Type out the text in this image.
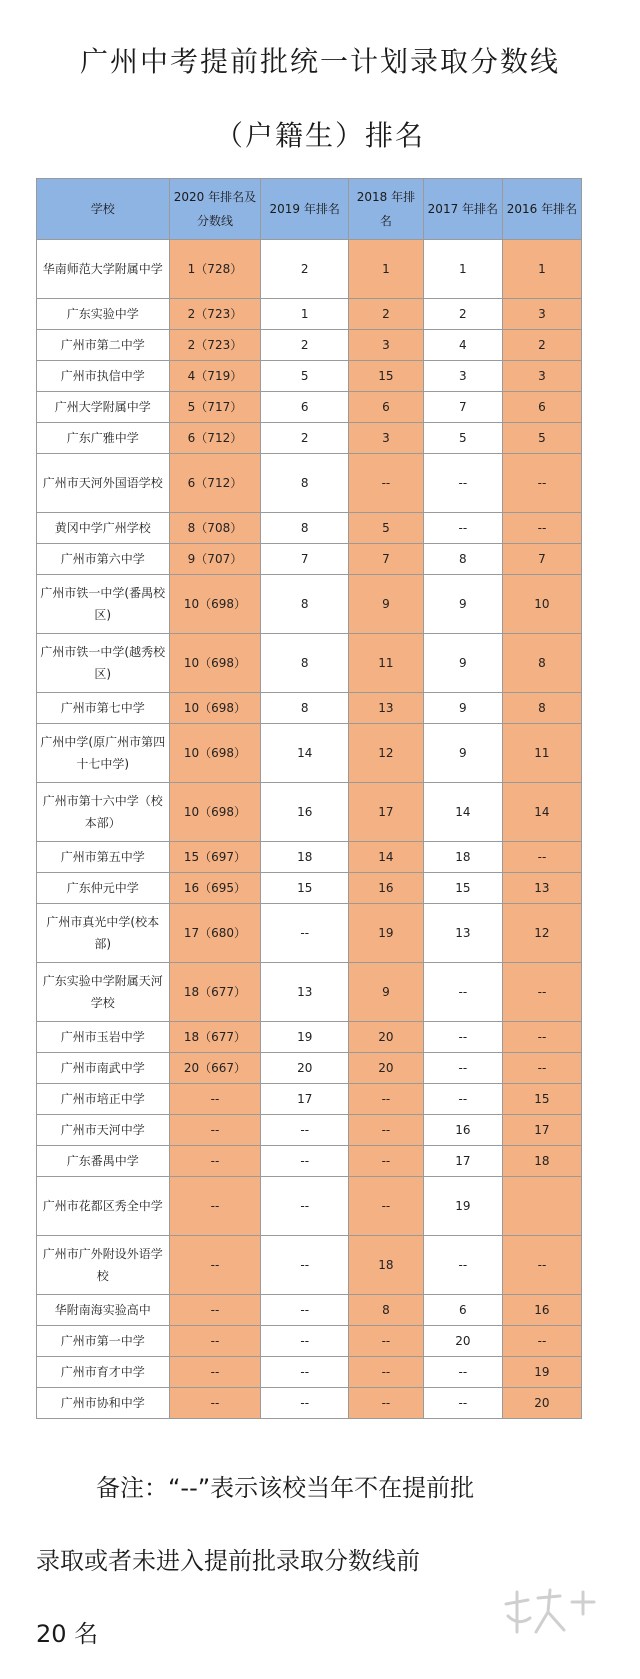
广州中考提前批统一计划录取分数线
（户籍生）排名
学校	2020 年排名及分数线	2019 年排名	2018 年排名	2017 年排名	2016 年排名
华南师范大学附属中学	1（728）	2	1	1	1
广东实验中学	2（723）	1	2	2	3
广州市第二中学	2（723）	2	3	4	2
广州市执信中学	4（719）	5	15	3	3
广州大学附属中学	5（717）	6	6	7	6
广东广雅中学	6（712）	2	3	5	5
广州市天河外国语学校	6（712）	8	--	--	--
黄冈中学广州学校	8（708）	8	5	--	--
广州市第六中学	9（707）	7	7	8	7
广州市铁一中学(番禺校区)	10（698）	8	9	9	10
广州市铁一中学(越秀校区)	10（698）	8	11	9	8
广州市第七中学	10（698）	8	13	9	8
广州中学(原广州市第四十七中学)	10（698）	14	12	9	11
广州市第十六中学（校本部）	10（698）	16	17	14	14
广州市第五中学	15（697）	18	14	18	--
广东仲元中学	16（695）	15	16	15	13
广州市真光中学(校本部)	17（680）	--	19	13	12
广东实验中学附属天河学校	18（677）	13	9	--	--
广州市玉岩中学	18（677）	19	20	--	--
广州市南武中学	20（667）	20	20	--	--
广州市培正中学	--	17	--	--	15
广州市天河中学	--	--	--	16	17
广东番禺中学	--	--	--	17	18
广州市花都区秀全中学	--	--	--	19	
广州市广外附设外语学校	--	--	18	--	--
华附南海实验高中	--	--	8	6	16
广州市第一中学	--	--	--	20	--
广州市育才中学	--	--	--	--	19
广州市协和中学	--	--	--	--	20
备注：“--”表示该校当年不在提前批
录取或者未进入提前批录取分数线前
20 名
